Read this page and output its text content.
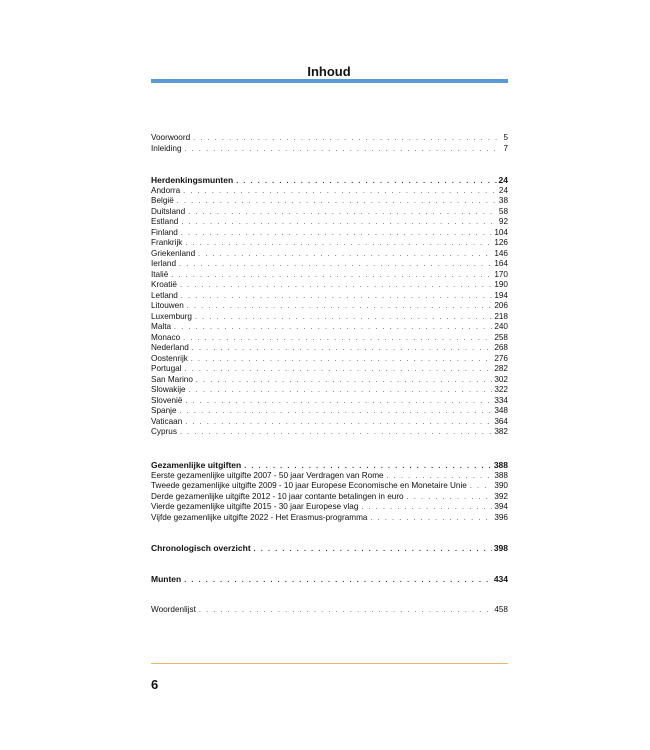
Inhoud
Voorwoord . . .	5
Inleiding . . .	7
Herdenkingsmunten . . .	24
Andorra . . .	24
België . . .	38
Duitsland . . .	58
Estland . . .	92
Finland . . .	104
Frankrijk . . .	126
Griekenland . . .	146
Ierland . . .	164
Italië . . .	170
Kroatië . . .	190
Letland . . .	194
Litouwen . . .	206
Luxemburg . . .	218
Malta . . .	240
Monaco . . .	258
Nederland . . .	268
Oostenrijk . . .	276
Portugal . . .	282
San Marino . . .	302
Slowakije . . .	322
Slovenië . . .	334
Spanje . . .	348
Vaticaan . . .	364
Cyprus . . .	382
Gezamenlijke uitgiften . . .	388
Eerste gezamenlijke uitgifte 2007 - 50 jaar Verdragen van Rome . . .	388
Tweede gezamenlijke uitgifte 2009 - 10 jaar Europese Economische en Monetaire Unie . . .	390
Derde gezamenlijke uitgifte 2012 - 10 jaar contante betalingen in euro . . .	392
Vierde gezamenlijke uitgifte 2015 - 30 jaar Europese vlag . . .	394
Vijfde gezamenlijke uitgifte 2022 - Het Erasmus-programma . . .	396
Chronologisch overzicht . . .	398
Munten . . .	434
Woordenlijst . . .	458
6
